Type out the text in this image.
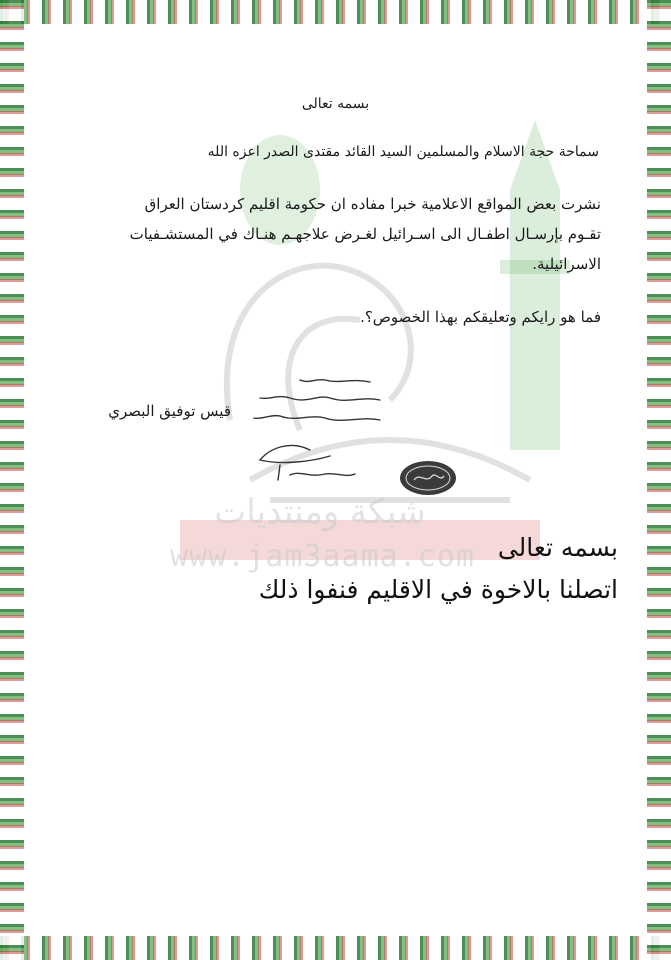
شبكة ومنتديات
www.jam3aama.com
بسمه تعالى
سماحة حجة الاسلام والمسلمين السيد القائد مقتدى الصدر اعزه الله
نشرت بعض المواقع الاعلامية خبرا مفاده ان حكومة اقليم كردستان العراق
تقـوم بإرسـال اطفـال الى اسـرائيل لغـرض علاجهـم هنـاك في المستشـفيات
الاسرائيلية.
فما هو رايكم وتعليقكم بهذا الخصوص؟.
قيس توفيق البصري
بسمه تعالى
اتصلنا بالاخوة في الاقليم فنفوا ذلك
